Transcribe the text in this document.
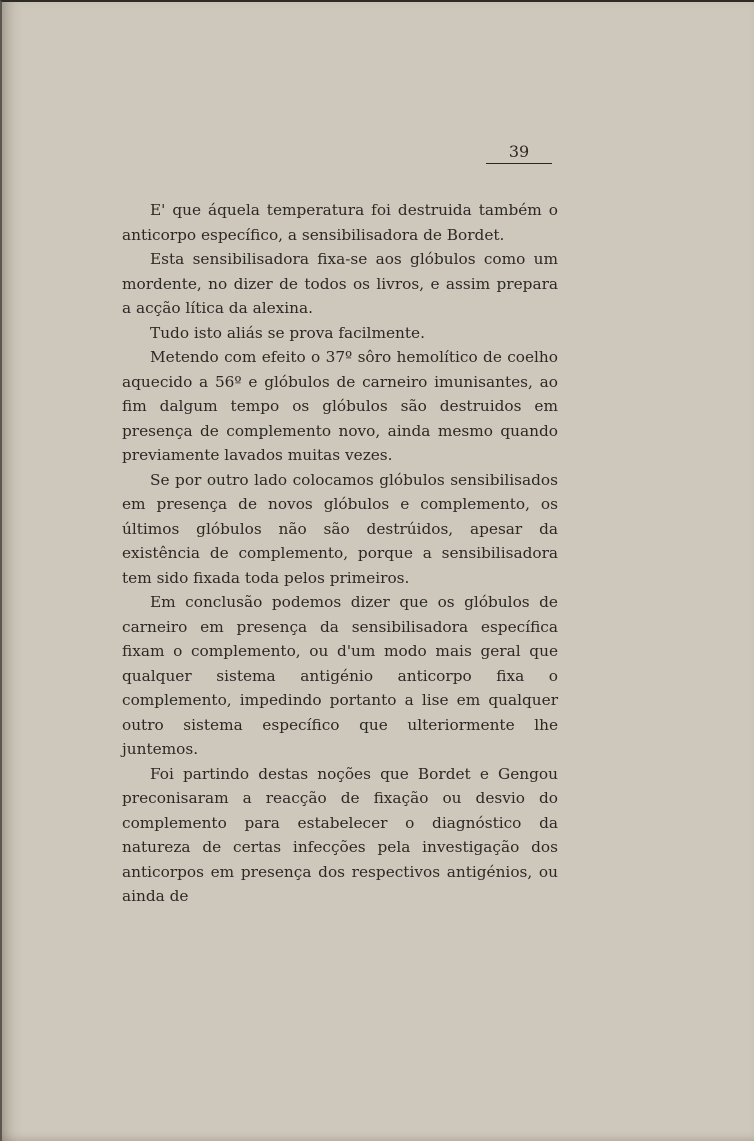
39

E' que áquela temperatura foi destruida também o anticorpo específico, a sensibilisadora de Bordet.

Esta sensibilisadora fixa-se aos glóbulos como um mordente, no dizer de todos os livros, e assim prepara a acção lítica da alexina.

Tudo isto aliás se prova facilmente.

Metendo com efeito o 37º sôro hemolítico de coelho aquecido a 56º e glóbulos de carneiro imunisantes, ao fim dalgum tempo os glóbulos são destruidos em presença de complemento novo, ainda mesmo quando previamente lavados muitas vezes.

Se por outro lado colocamos glóbulos sensibilisados em presença de novos glóbulos e complemento, os últimos glóbulos não são destrúidos, apesar da existência de complemento, porque a sensibilisadora tem sido fixada toda pelos primeiros.

Em conclusão podemos dizer que os glóbulos de carneiro em presença da sensibilisadora específica fixam o complemento, ou d'um modo mais geral que qualquer sistema antigénio anticorpo fixa o complemento, impedindo portanto a lise em qualquer outro sistema específico que ulteriormente lhe juntemos.

Foi partindo destas noções que Bordet e Gengou preconisaram a reacção de fixação ou desvio do complemento para estabelecer o diagnóstico da natureza de certas infecções pela investigação dos anticorpos em presença dos respectivos antigénios, ou ainda de
